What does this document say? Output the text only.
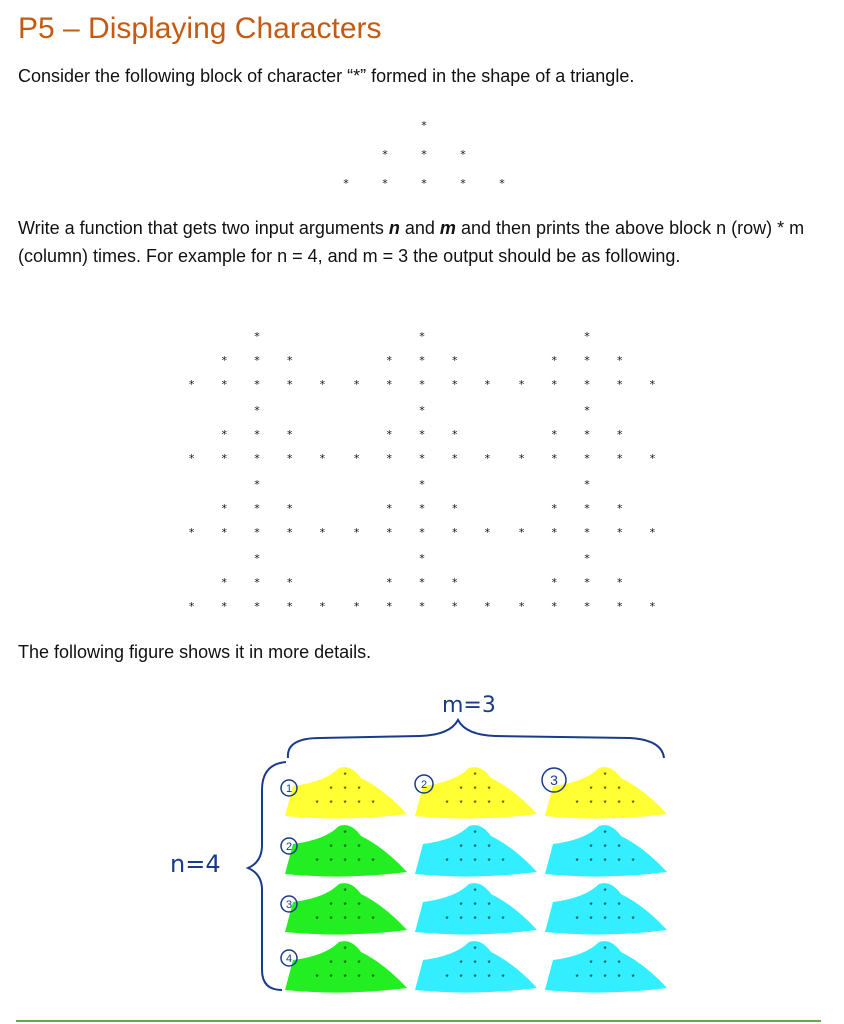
P5 – Displaying Characters

Consider the following block of character “*” formed in the shape of a triangle.

*
*	*	*
*	*	*	*	*

Write a function that gets two input arguments n and m and then prints the above block n (row) * m (column) times. For example for n = 4, and m = 3 the output should be as following.

*
* * *
* * * * *
*
* * *
* * * * *
*
* * *
* * * * *
*
* * *
* * * * *
*
* * *
* * * * *
*
* * *
* * * * *
*
* * *
* * * * *
*
* * *
* * * * *
*
* * *
* * * * *
*
* * *
* * * * *
*
* * *
* * * * *
*
* * *
* * * * *

The following figure shows it in more details.

*
* * *
* * * * *
*
* * *
* * * * *
*
* * *
* * * * *
*
* * *
* * * * *
*
* * *
* * * * *
*
* * *
* * * * *
*
* * *
* * * * *
*
* * *
* * * * *
*
* * *
* * * * *
*
* * *
* * * * *
*
* * *
* * * * *
*
* * *
* * * * *
m=3
n=4
1
2
3
4
2	3
